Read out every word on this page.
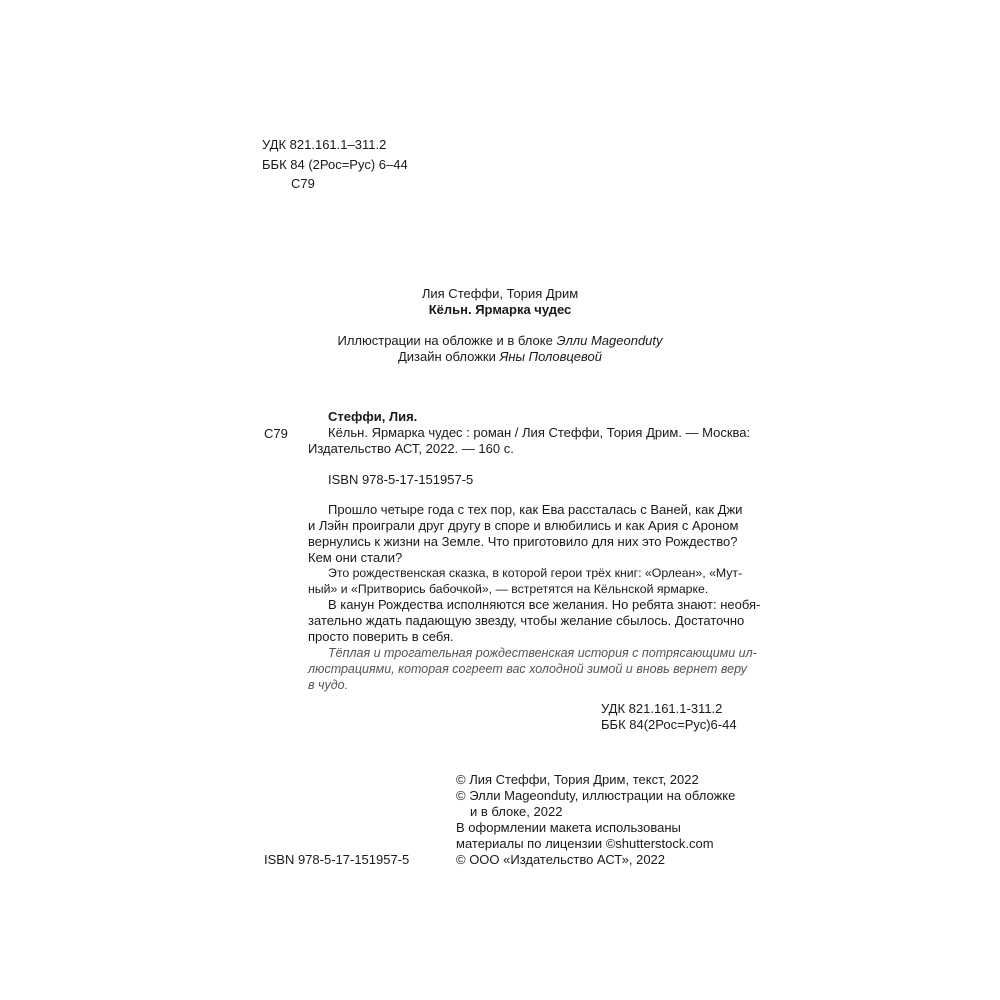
УДК 821.161.1–311.2
ББК 84 (2Рос=Рус) 6–44
С79
Лия Стеффи, Тория Дрим
Кёльн. Ярмарка чудес
Иллюстрации на обложке и в блоке Элли Mageonduty
Дизайн обложки Яны Половцевой
Стеффи, Лия.
С79	Кёльн. Ярмарка чудес : роман / Лия Стеффи, Тория Дрим. — Москва:
Издательство АСТ, 2022. — 160 с.
ISBN 978-5-17-151957-5
Прошло четыре года с тех пор, как Ева рассталась с Ваней, как Джи
и Лэйн проиграли друг другу в споре и влюбились и как Ария с Ароном
вернулись к жизни на Земле. Что приготовило для них это Рождество?
Кем они стали?
Это рождественская сказка, в которой герои трёх книг: «Орлеан», «Мут-
ный» и «Притворись бабочкой», — встретятся на Кёльнской ярмарке.
В канун Рождества исполняются все желания. Но ребята знают: необя-
зательно ждать падающую звезду, чтобы желание сбылось. Достаточно
просто поверить в себя.
Тёплая и трогательная рождественская история с потрясающими ил-
люстрациями, которая согреет вас холодной зимой и вновь вернет веру
в чудо.
УДК 821.161.1-311.2
ББК 84(2Рос=Рус)6-44
© Лия Стеффи, Тория Дрим, текст, 2022
© Элли Mageonduty, иллюстрации на обложке
и в блоке, 2022
В оформлении макета использованы
материалы по лицензии ©shutterstock.com
ISBN 978-5-17-151957-5	© ООО «Издательство АСТ», 2022
